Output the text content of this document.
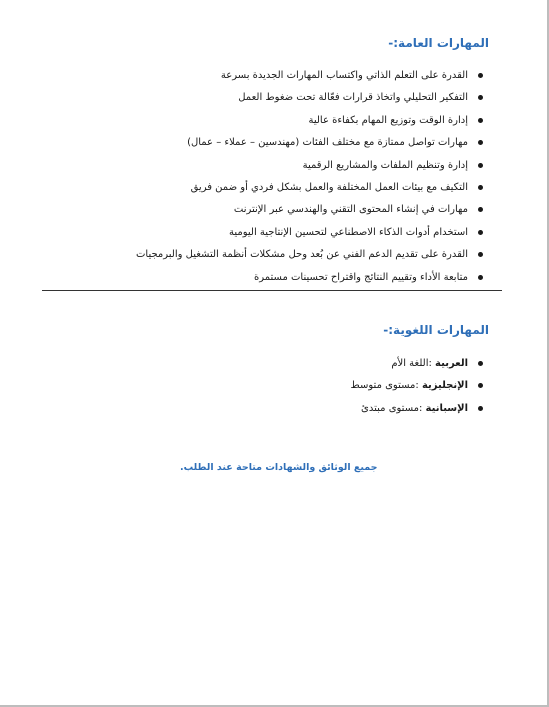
المهارات العامة:-
القدرة على التعلم الذاتي واكتساب المهارات الجديدة بسرعة
التفكير التحليلي واتخاذ قرارات فعّالة تحت ضغوط العمل
إدارة الوقت وتوزيع المهام بكفاءة عالية
مهارات تواصل ممتازة مع مختلف الفئات (مهندسين – عملاء – عمال)
إدارة وتنظيم الملفات والمشاريع الرقمية
التكيف مع بيئات العمل المختلفة والعمل بشكل فردي أو ضمن فريق
مهارات في إنشاء المحتوى التقني والهندسي عبر الإنترنت
استخدام أدوات الذكاء الاصطناعي لتحسين الإنتاجية اليومية
القدرة على تقديم الدعم الفني عن بُعد وحل مشكلات أنظمة التشغيل والبرمجيات
متابعة الأداء وتقييم النتائج واقتراح تحسينات مستمرة
المهارات اللغوية:-
العربية :اللغة الأم
الإنجليزية :مستوى متوسط
الإسبانية :مستوى مبتدئ
جميع الوثائق والشهادات متاحة عند الطلب.
